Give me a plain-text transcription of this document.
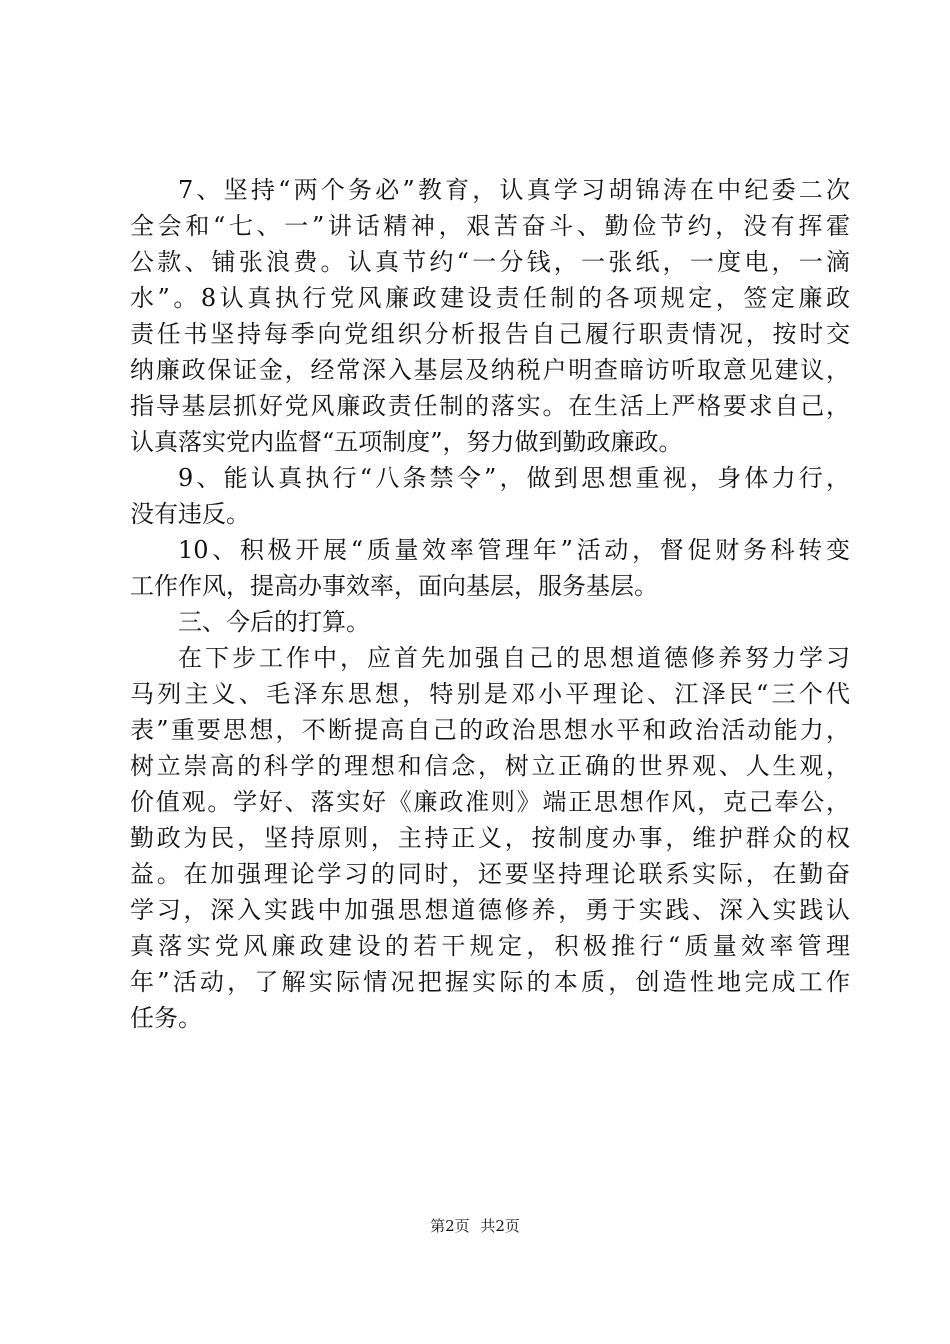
7、坚持“两个务必”教育，认真学习胡锦涛在中纪委二次
全会和“七、一”讲话精神，艰苦奋斗、勤俭节约，没有挥霍
公款、铺张浪费。认真节约“一分钱，一张纸，一度电，一滴
水”。8认真执行党风廉政建设责任制的各项规定，签定廉政
责任书坚持每季向党组织分析报告自己履行职责情况，按时交
纳廉政保证金，经常深入基层及纳税户明查暗访听取意见建议，
指导基层抓好党风廉政责任制的落实。在生活上严格要求自己，
认真落实党内监督“五项制度”，努力做到勤政廉政。
9、能认真执行“八条禁令”，做到思想重视，身体力行，
没有违反。
10、积极开展“质量效率管理年”活动，督促财务科转变
工作作风，提高办事效率，面向基层，服务基层。
三、今后的打算。
在下步工作中，应首先加强自己的思想道德修养努力学习
马列主义、毛泽东思想，特别是邓小平理论、江泽民“三个代
表”重要思想，不断提高自己的政治思想水平和政治活动能力，
树立崇高的科学的理想和信念，树立正确的世界观、人生观，
价值观。学好、落实好《廉政准则》端正思想作风，克己奉公，
勤政为民，坚持原则，主持正义，按制度办事，维护群众的权
益。在加强理论学习的同时，还要坚持理论联系实际，在勤奋
学习，深入实践中加强思想道德修养，勇于实践、深入实践认
真落实党风廉政建设的若干规定，积极推行“质量效率管理
年”活动，了解实际情况把握实际的本质，创造性地完成工作
任务。
第2页 共2页
